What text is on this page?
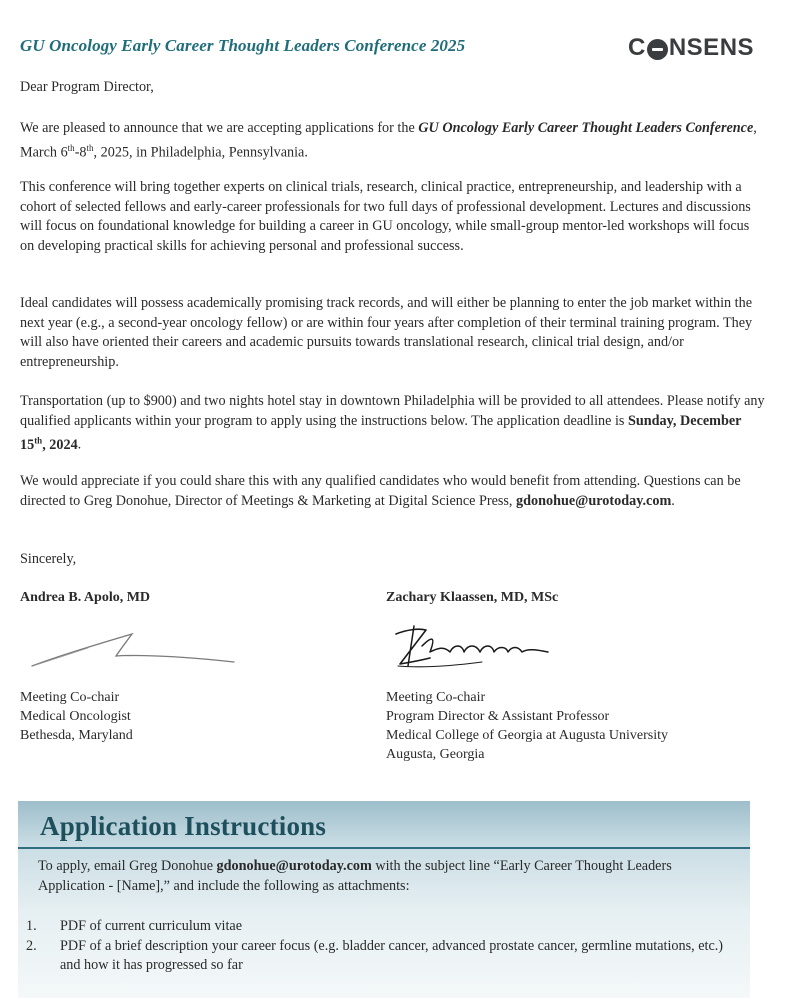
GU Oncology Early Career Thought Leaders Conference 2025	C NSENS

Dear Program Director,

We are pleased to announce that we are accepting applications for the GU Oncology Early Career Thought Leaders Conference, March 6th-8th, 2025, in Philadelphia, Pennsylvania.

This conference will bring together experts on clinical trials, research, clinical practice, entrepreneurship, and leadership with a cohort of selected fellows and early-career professionals for two full days of professional development. Lectures and discussions will focus on foundational knowledge for building a career in GU oncology, while small-group mentor-led workshops will focus on developing practical skills for achieving personal and professional success.

Ideal candidates will possess academically promising track records, and will either be planning to enter the job market within the next year (e.g., a second-year oncology fellow) or are within four years after completion of their terminal training program. They will also have oriented their careers and academic pursuits towards translational research, clinical trial design, and/or entrepreneurship.

Transportation (up to $900) and two nights hotel stay in downtown Philadelphia will be provided to all attendees. Please notify any qualified applicants within your program to apply using the instructions below. The application deadline is Sunday, December 15th, 2024.

We would appreciate if you could share this with any qualified candidates who would benefit from attending. Questions can be directed to Greg Donohue, Director of Meetings & Marketing at Digital Science Press, gdonohue@urotoday.com.

Sincerely,

Andrea B. Apolo, MD
Meeting Co-chair
Medical Oncologist
Bethesda, Maryland
Zachary Klaassen, MD, MSc
Meeting Co-chair
Program Director & Assistant Professor
Medical College of Georgia at Augusta University
Augusta, Georgia
Application Instructions

To apply, email Greg Donohue gdonohue@urotoday.com with the subject line “Early Career Thought Leaders Application - [Name],” and include the following as attachments:

1.	PDF of current curriculum vitae
2.	PDF of a brief description your career focus (e.g. bladder cancer, advanced prostate cancer, germline mutations, etc.) and how it has progressed so far
